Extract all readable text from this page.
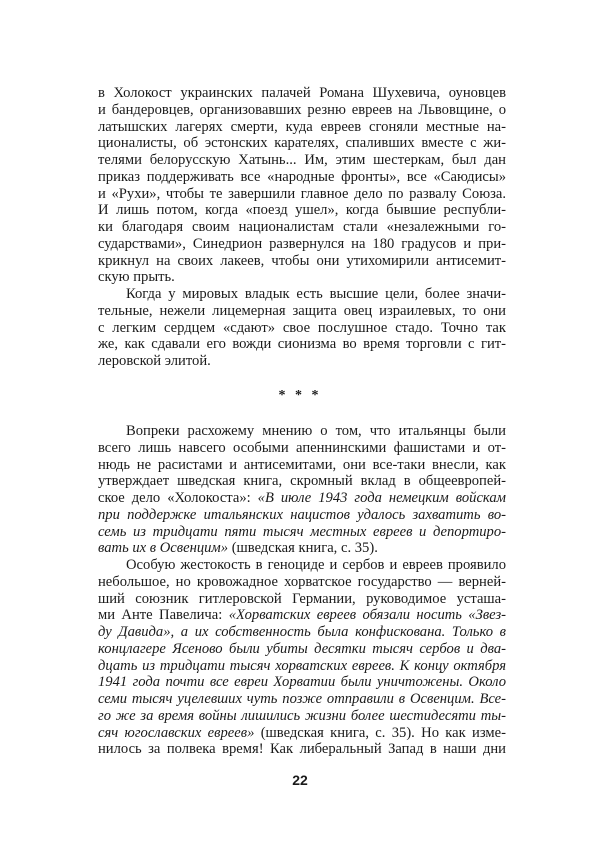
в Холокост украинских палачей Романа Шухевича, оуновцев
и бандеровцев, организовавших резню евреев на Львовщине, о
латышских лагерях смерти, куда евреев сгоняли местные на-
ционалисты, об эстонских карателях, спаливших вместе с жи-
телями белорусскую Хатынь... Им, этим шестеркам, был дан
приказ поддерживать все «народные фронты», все «Саюдисы»
и «Рухи», чтобы те завершили главное дело по развалу Союза.
И лишь потом, когда «поезд ушел», когда бывшие республи-
ки благодаря своим националистам стали «незалежными го-
сударствами», Синедрион развернулся на 180 градусов и при-
крикнул на своих лакеев, чтобы они утихомирили антисемит-
скую прыть.
Когда у мировых владык есть высшие цели, более значи-
тельные, нежели лицемерная защита овец израилевых, то они
с легким сердцем «сдают» свое послушное стадо. Точно так
же, как сдавали его вожди сионизма во время торговли с гит-
леровской элитой.
* * *
Вопреки расхожему мнению о том, что итальянцы были
всего лишь навсего особыми апеннинскими фашистами и от-
нюдь не расистами и антисемитами, они все-таки внесли, как
утверждает шведская книга, скромный вклад в общеевропей-
ское дело «Холокоста»: «В июле 1943 года немецким войскам
при поддержке итальянских нацистов удалось захватить во-
семь из тридцати пяти тысяч местных евреев и депортиро-
вать их в Освенцим» (шведская книга, с. 35).
Особую жестокость в геноциде и сербов и евреев проявило
небольшое, но кровожадное хорватское государство — верней-
ший союзник гитлеровской Германии, руководимое усташа-
ми Анте Павелича: «Хорватских евреев обязали носить «Звез-
ду Давида», а их собственность была конфискована. Только в
концлагере Ясеново были убиты десятки тысяч сербов и два-
дцать из тридцати тысяч хорватских евреев. К концу октября
1941 года почти все евреи Хорватии были уничтожены. Около
семи тысяч уцелевших чуть позже отправили в Освенцим. Все-
го же за время войны лишились жизни более шестидесяти ты-
сяч югославских евреев» (шведская книга, с. 35). Но как изме-
нилось за полвека время! Как либеральный Запад в наши дни
22
